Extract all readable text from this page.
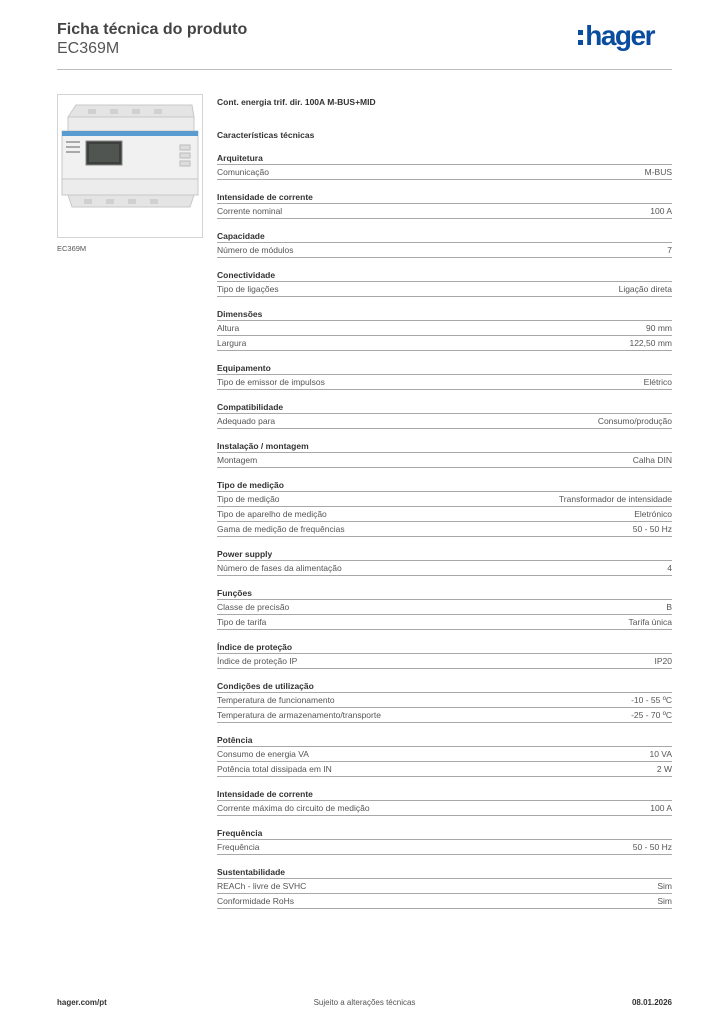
Ficha técnica do produto
EC369M	hager
EC369M
Cont. energia trif. dir. 100A M-BUS+MID
Características técnicas
Arquitetura
Comunicação	M-BUS
Intensidade de corrente
Corrente nominal	100 A
Capacidade
Número de módulos	7
Conectividade
Tipo de ligações	Ligação direta
Dimensões
Altura	90 mm
Largura	122,50 mm
Equipamento
Tipo de emissor de impulsos	Elétrico
Compatibilidade
Adequado para	Consumo/produção
Instalação / montagem
Montagem	Calha DIN
Tipo de medição
Tipo de medição	Transformador de intensidade
Tipo de aparelho de medição	Eletrónico
Gama de medição de frequências	50 - 50 Hz
Power supply
Número de fases da alimentação	4
Funções
Classe de precisão	B
Tipo de tarifa	Tarifa única
Índice de proteção
Índice de proteção IP	IP20
Condições de utilização
Temperatura de funcionamento	-10 - 55 ºC
Temperatura de armazenamento/transporte	-25 - 70 ºC
Potência
Consumo de energia VA	10 VA
Potência total dissipada em IN	2 W
Intensidade de corrente
Corrente máxima do circuito de medição	100 A
Frequência
Frequência	50 - 50 Hz
Sustentabilidade
REACh - livre de SVHC	Sim
Conformidade RoHs	Sim
hager.com/pt	Sujeito a alterações técnicas	08.01.2026
